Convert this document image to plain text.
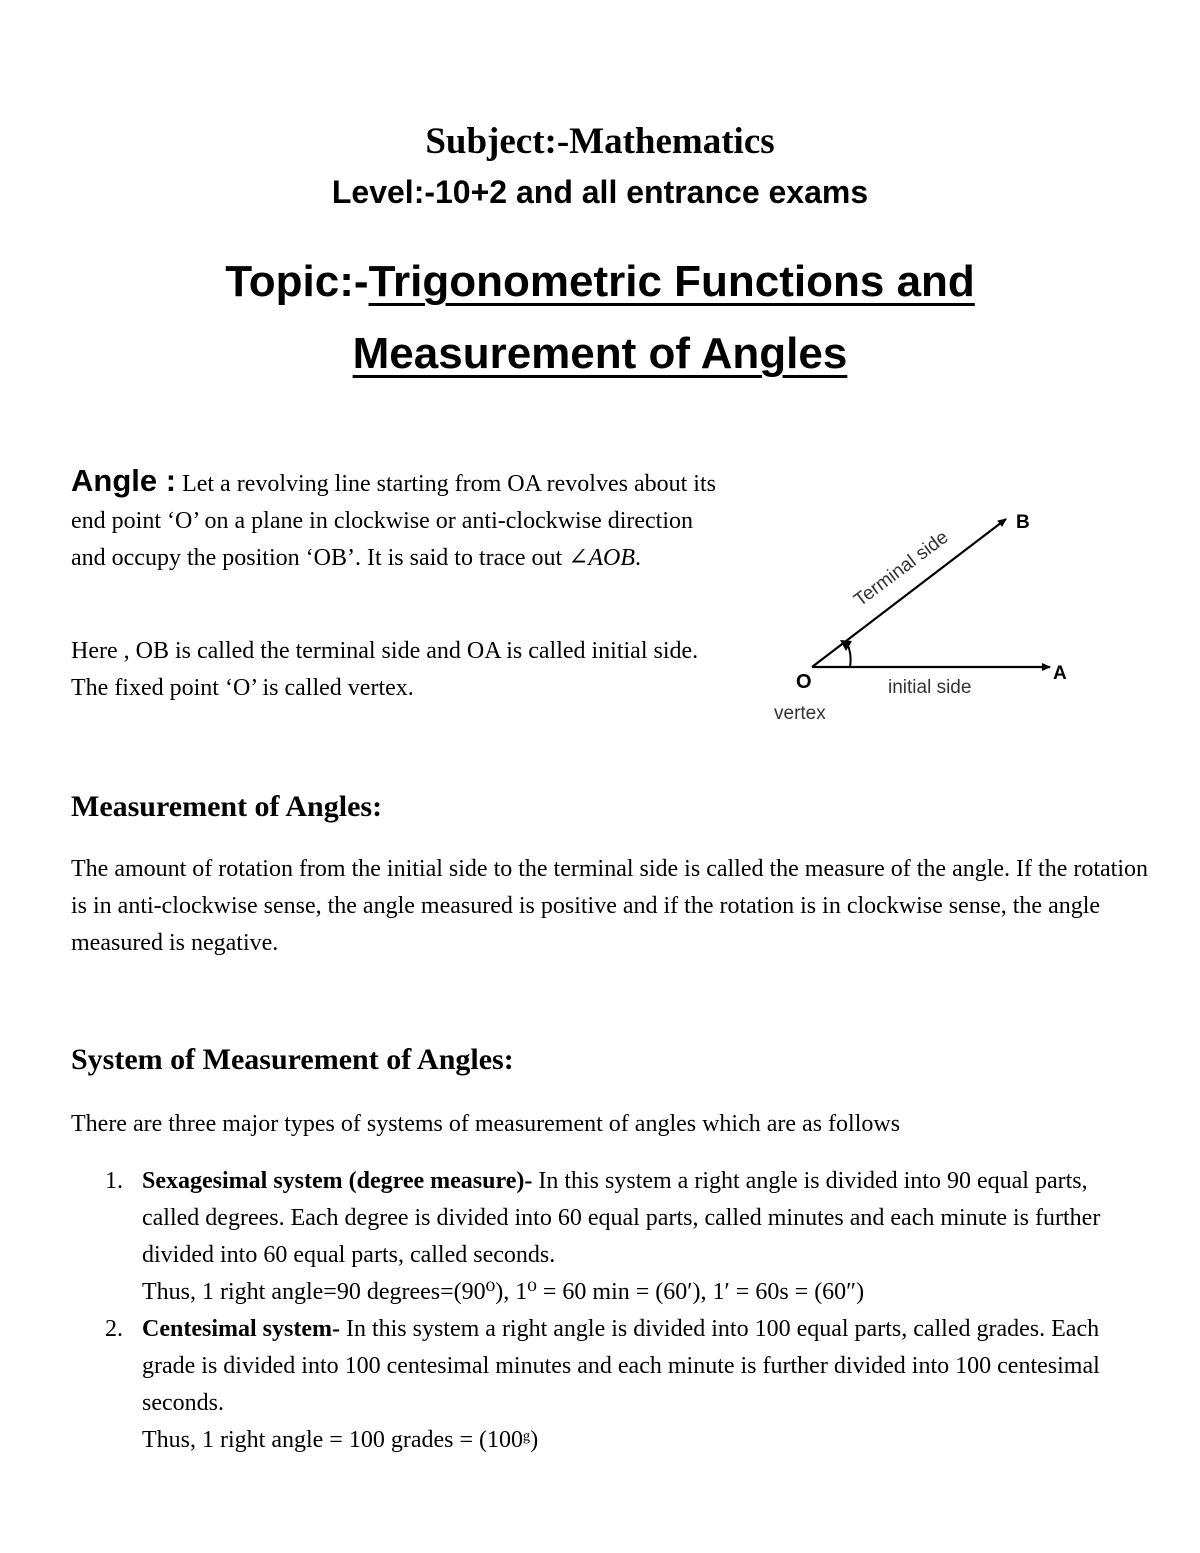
Subject:-Mathematics
Level:-10+2 and all entrance exams
Topic:-Trigonometric Functions and
Measurement of Angles

Angle : Let a revolving line starting from OA revolves about its end point ‘O’ on a plane in clockwise or anti-clockwise direction and occupy the position ‘OB’. It is said to trace out ∠AOB.

Here , OB is called the terminal side and OA is called initial side. The fixed point ‘O’ is called vertex.

B
A
O
Terminal side
initial side
vertex
Measurement of Angles:

The amount of rotation from the initial side to the terminal side is called the measure of the angle. If the rotation is in anti-clockwise sense, the angle measured is positive and if the rotation is in clockwise sense, the angle measured is negative.

System of Measurement of Angles:
There are three major types of systems of measurement of angles which are as follows
1. Sexagesimal system (degree measure)- In this system a right angle is divided into 90 equal parts, called degrees. Each degree is divided into 60 equal parts, called minutes and each minute is further divided into 60 equal parts, called seconds.
Thus, 1 right angle=90 degrees=(90⁰), 1⁰ = 60 min = (60′), 1′ = 60s = (60″)
2. Centesimal system- In this system a right angle is divided into 100 equal parts, called grades. Each grade is divided into 100 centesimal minutes and each minute is further divided into 100 centesimal seconds.
Thus, 1 right angle = 100 grades = (100ᵍ)
